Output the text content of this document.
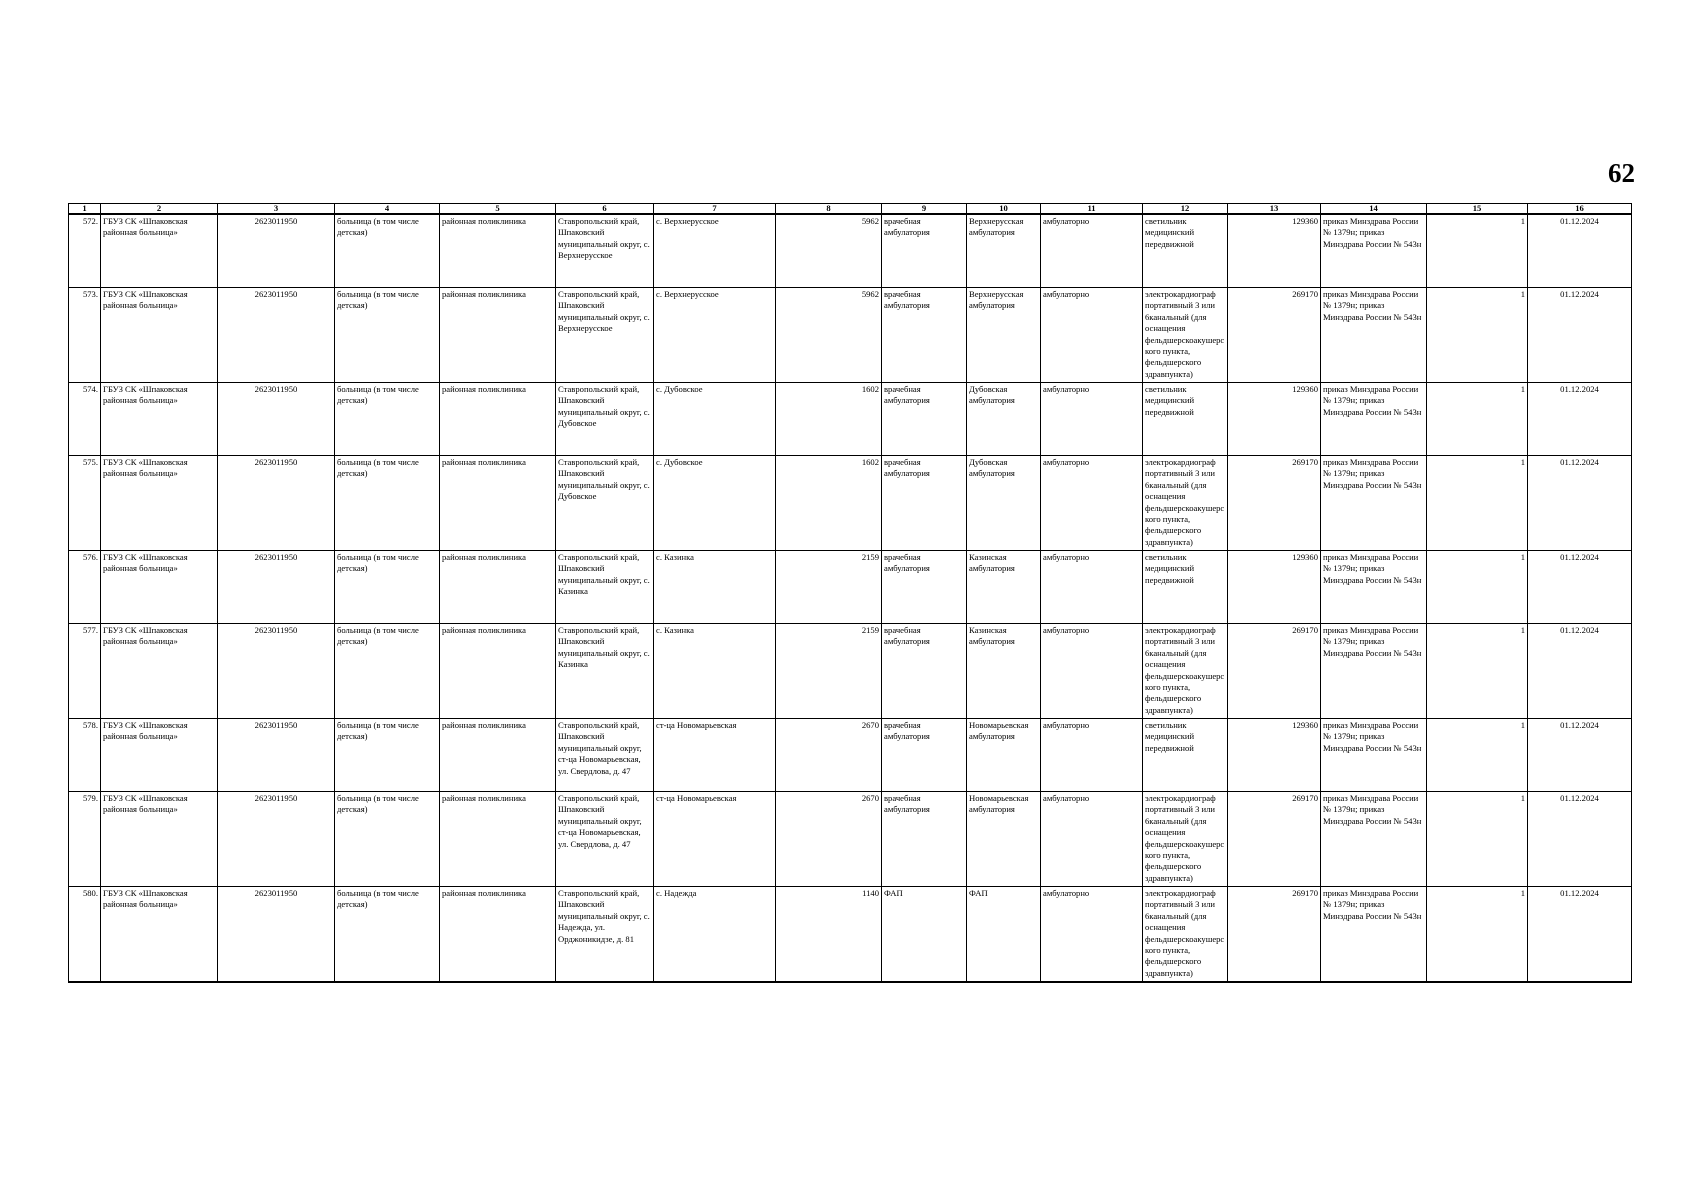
62
1	2	3	4	5	6	7	8	9	10	11	12	13	14	15	16
572.	ГБУЗ СК «Шпаковская районная больница»	2623011950	больница (в том числе детская)	районная поликлиника	Ставропольский край, Шпаковский муниципальный округ, с. Верхнерусское	с. Верхнерусское	5962	врачебная амбулатория	Верхнерусская амбулатория	амбулаторно	светильник медицинский передвижной	129360	приказ Минздрава России № 1379н; приказ Минздрава России № 543н	1	01.12.2024
573.	ГБУЗ СК «Шпаковская районная больница»	2623011950	больница (в том числе детская)	районная поликлиника	Ставропольский край, Шпаковский муниципальный округ, с. Верхнерусское	с. Верхнерусское	5962	врачебная амбулатория	Верхнерусская амбулатория	амбулаторно	электрокардиограф портативный 3 или 6канальный (для оснащения фельдшерскоакушерского пункта, фельдшерского здравпункта)	269170	приказ Минздрава России № 1379н; приказ Минздрава России № 543н	1	01.12.2024
574.	ГБУЗ СК «Шпаковская районная больница»	2623011950	больница (в том числе детская)	районная поликлиника	Ставропольский край, Шпаковский муниципальный округ, с. Дубовское	с. Дубовское	1602	врачебная амбулатория	Дубовская амбулатория	амбулаторно	светильник медицинский передвижной	129360	приказ Минздрава России № 1379н; приказ Минздрава России № 543н	1	01.12.2024
575.	ГБУЗ СК «Шпаковская районная больница»	2623011950	больница (в том числе детская)	районная поликлиника	Ставропольский край, Шпаковский муниципальный округ, с. Дубовское	с. Дубовское	1602	врачебная амбулатория	Дубовская амбулатория	амбулаторно	электрокардиограф портативный 3 или 6канальный (для оснащения фельдшерскоакушерского пункта, фельдшерского здравпункта)	269170	приказ Минздрава России № 1379н; приказ Минздрава России № 543н	1	01.12.2024
576.	ГБУЗ СК «Шпаковская районная больница»	2623011950	больница (в том числе детская)	районная поликлиника	Ставропольский край, Шпаковский муниципальный округ, с. Казинка	с. Казинка	2159	врачебная амбулатория	Казинская амбулатория	амбулаторно	светильник медицинский передвижной	129360	приказ Минздрава России № 1379н; приказ Минздрава России № 543н	1	01.12.2024
577.	ГБУЗ СК «Шпаковская районная больница»	2623011950	больница (в том числе детская)	районная поликлиника	Ставропольский край, Шпаковский муниципальный округ, с. Казинка	с. Казинка	2159	врачебная амбулатория	Казинская амбулатория	амбулаторно	электрокардиограф портативный 3 или 6канальный (для оснащения фельдшерскоакушерского пункта, фельдшерского здравпункта)	269170	приказ Минздрава России № 1379н; приказ Минздрава России № 543н	1	01.12.2024
578.	ГБУЗ СК «Шпаковская районная больница»	2623011950	больница (в том числе детская)	районная поликлиника	Ставропольский край, Шпаковский муниципальный округ, ст-ца Новомарьевская, ул. Свердлова, д. 47	ст-ца Новомарьевская	2670	врачебная амбулатория	Новомарьевская амбулатория	амбулаторно	светильник медицинский передвижной	129360	приказ Минздрава России № 1379н; приказ Минздрава России № 543н	1	01.12.2024
579.	ГБУЗ СК «Шпаковская районная больница»	2623011950	больница (в том числе детская)	районная поликлиника	Ставропольский край, Шпаковский муниципальный округ, ст-ца Новомарьевская, ул. Свердлова, д. 47	ст-ца Новомарьевская	2670	врачебная амбулатория	Новомарьевская амбулатория	амбулаторно	электрокардиограф портативный 3 или 6канальный (для оснащения фельдшерскоакушерского пункта, фельдшерского здравпункта)	269170	приказ Минздрава России № 1379н; приказ Минздрава России № 543н	1	01.12.2024
580.	ГБУЗ СК «Шпаковская районная больница»	2623011950	больница (в том числе детская)	районная поликлиника	Ставропольский край, Шпаковский муниципальный округ, с. Надежда, ул. Орджоникидзе, д. 81	с. Надежда	1140	ФАП	ФАП	амбулаторно	электрокардиограф портативный 3 или 6канальный (для оснащения фельдшерскоакушерского пункта, фельдшерского здравпункта)	269170	приказ Минздрава России № 1379н; приказ Минздрава России № 543н	1	01.12.2024
